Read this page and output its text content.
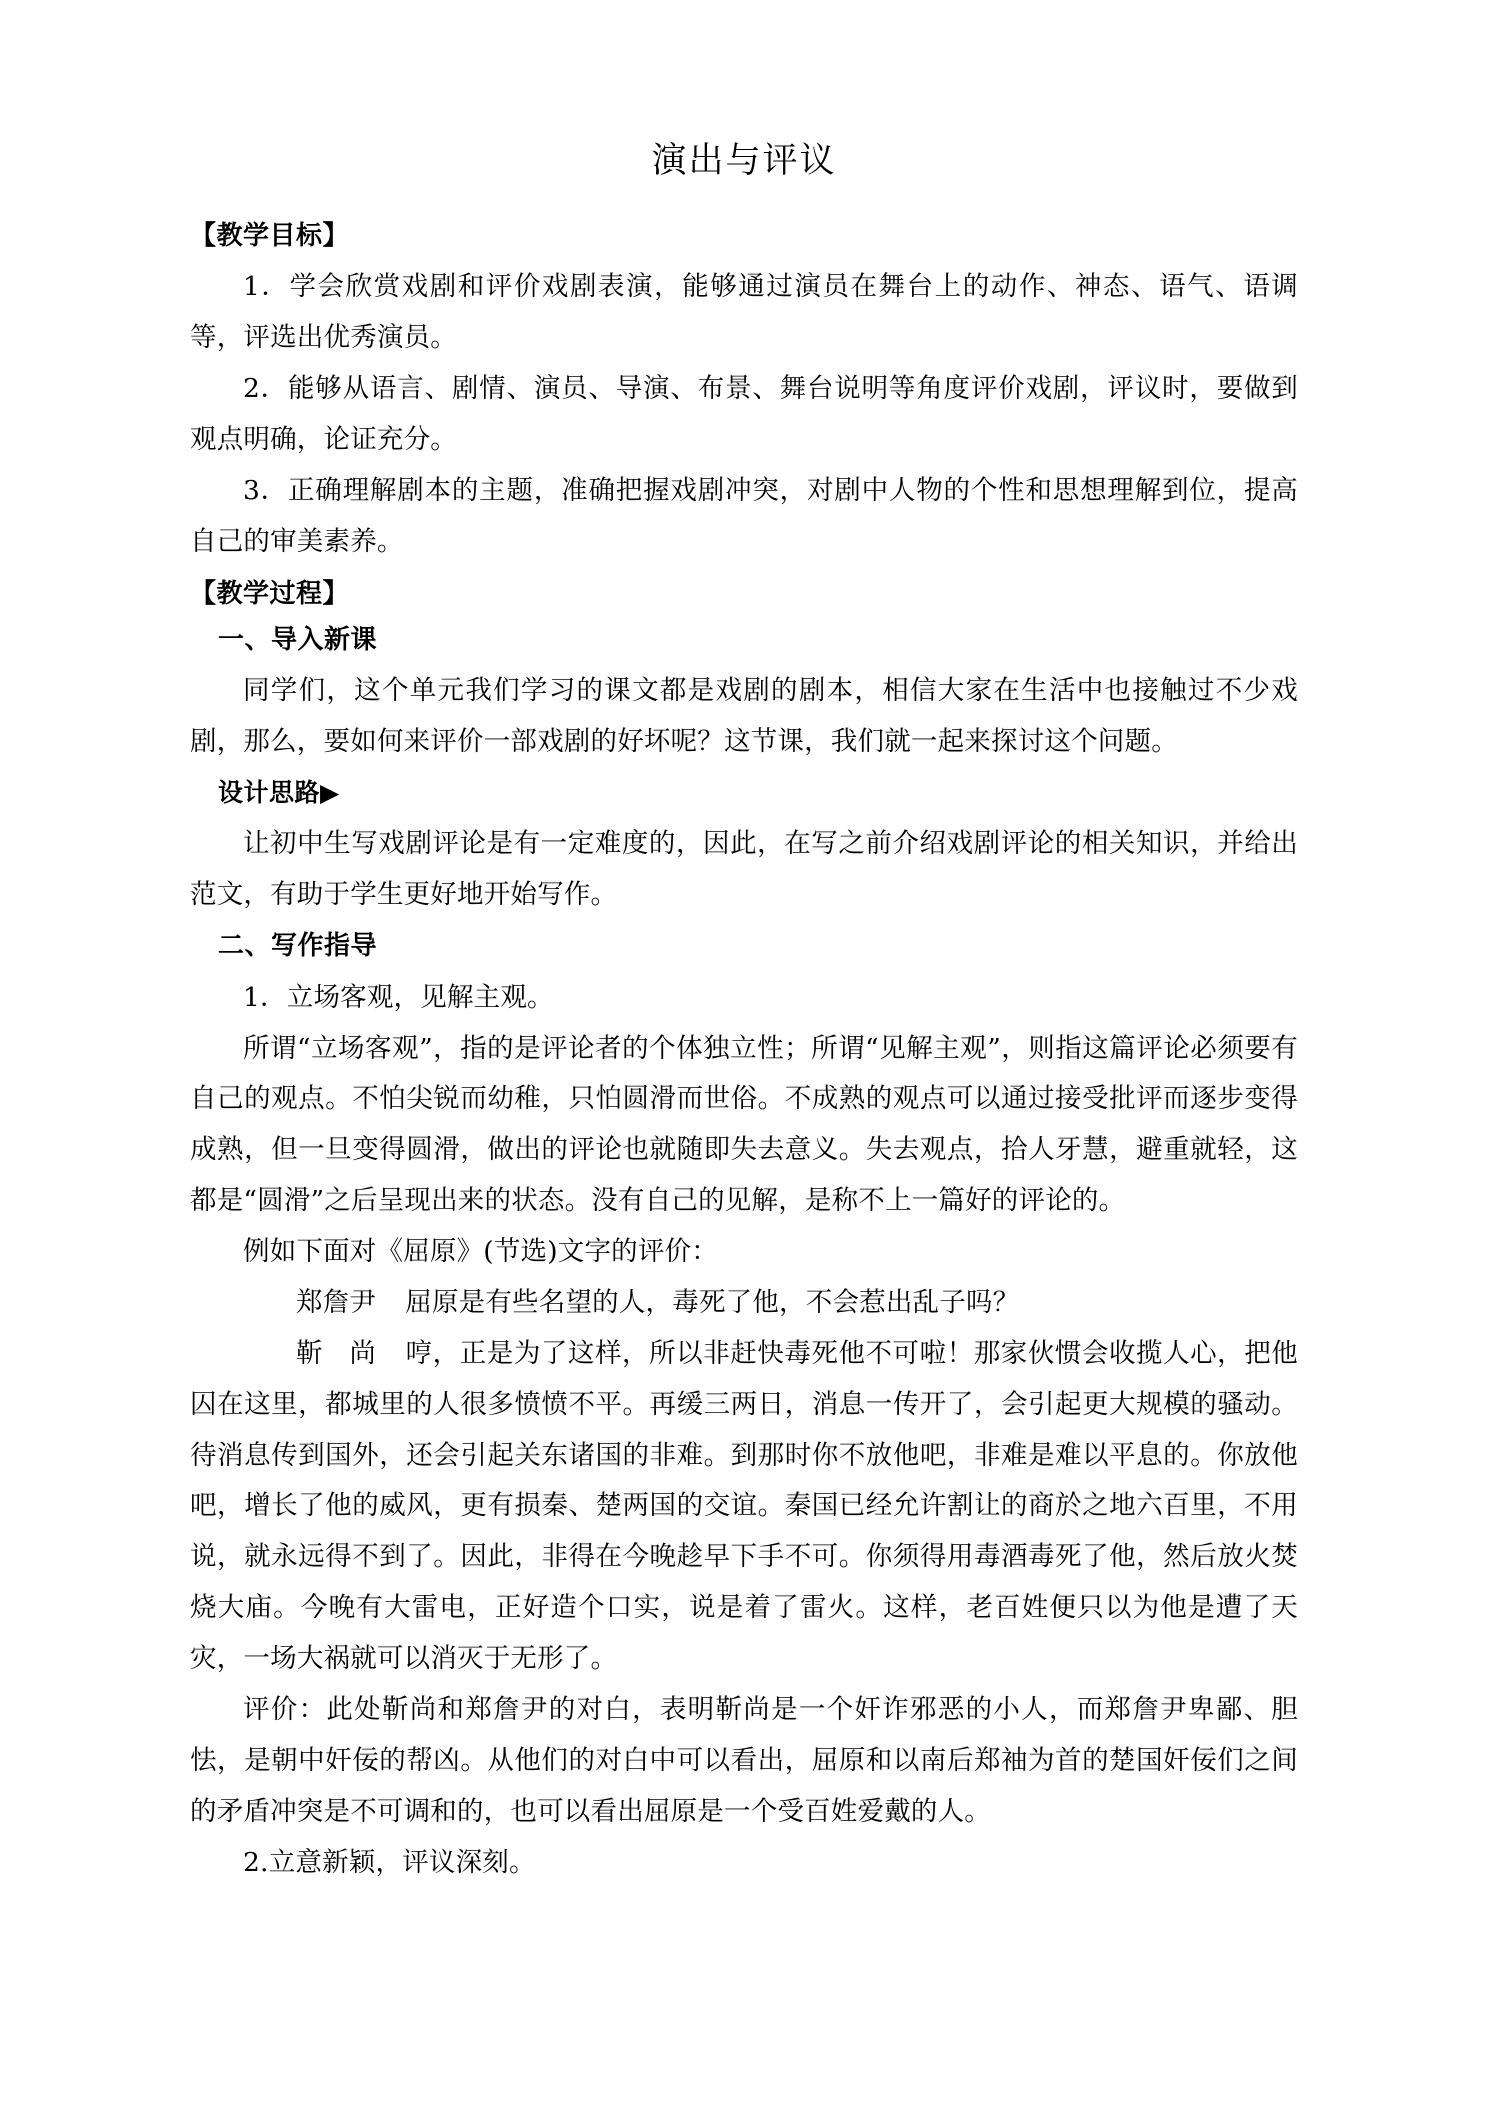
演出与评议
【教学目标】

1．学会欣赏戏剧和评价戏剧表演，能够通过演员在舞台上的动作、神态、语气、语调等，评选出优秀演员。

2．能够从语言、剧情、演员、导演、布景、舞台说明等角度评价戏剧，评议时，要做到观点明确，论证充分。

3．正确理解剧本的主题，准确把握戏剧冲突，对剧中人物的个性和思想理解到位，提高自己的审美素养。

【教学过程】
一、导入新课

同学们，这个单元我们学习的课文都是戏剧的剧本，相信大家在生活中也接触过不少戏剧，那么，要如何来评价一部戏剧的好坏呢？这节课，我们就一起来探讨这个问题。

设计思路▶

让初中生写戏剧评论是有一定难度的，因此，在写之前介绍戏剧评论的相关知识，并给出范文，有助于学生更好地开始写作。

二、写作指导

1．立场客观，见解主观。

所谓“立场客观”，指的是评论者的个体独立性；所谓“见解主观”，则指这篇评论必须要有自己的观点。不怕尖锐而幼稚，只怕圆滑而世俗。不成熟的观点可以通过接受批评而逐步变得成熟，但一旦变得圆滑，做出的评论也就随即失去意义。失去观点，拾人牙慧，避重就轻，这都是“圆滑”之后呈现出来的状态。没有自己的见解，是称不上一篇好的评论的。

例如下面对《屈原》(节选)文字的评价：

郑詹尹 屈原是有些名望的人，毒死了他，不会惹出乱子吗？

靳　尚 哼，正是为了这样，所以非赶快毒死他不可啦！那家伙惯会收揽人心，把他囚在这里，都城里的人很多愤愤不平。再缓三两日，消息一传开了，会引起更大规模的骚动。待消息传到国外，还会引起关东诸国的非难。到那时你不放他吧，非难是难以平息的。你放他吧，增长了他的威风，更有损秦、楚两国的交谊。秦国已经允许割让的商於之地六百里，不用说，就永远得不到了。因此，非得在今晚趁早下手不可。你须得用毒酒毒死了他，然后放火焚烧大庙。今晚有大雷电，正好造个口实，说是着了雷火。这样，老百姓便只以为他是遭了天灾，一场大祸就可以消灭于无形了。

评价：此处靳尚和郑詹尹的对白，表明靳尚是一个奸诈邪恶的小人，而郑詹尹卑鄙、胆怯，是朝中奸佞的帮凶。从他们的对白中可以看出，屈原和以南后郑袖为首的楚国奸佞们之间的矛盾冲突是不可调和的，也可以看出屈原是一个受百姓爱戴的人。

2.立意新颖，评议深刻。
